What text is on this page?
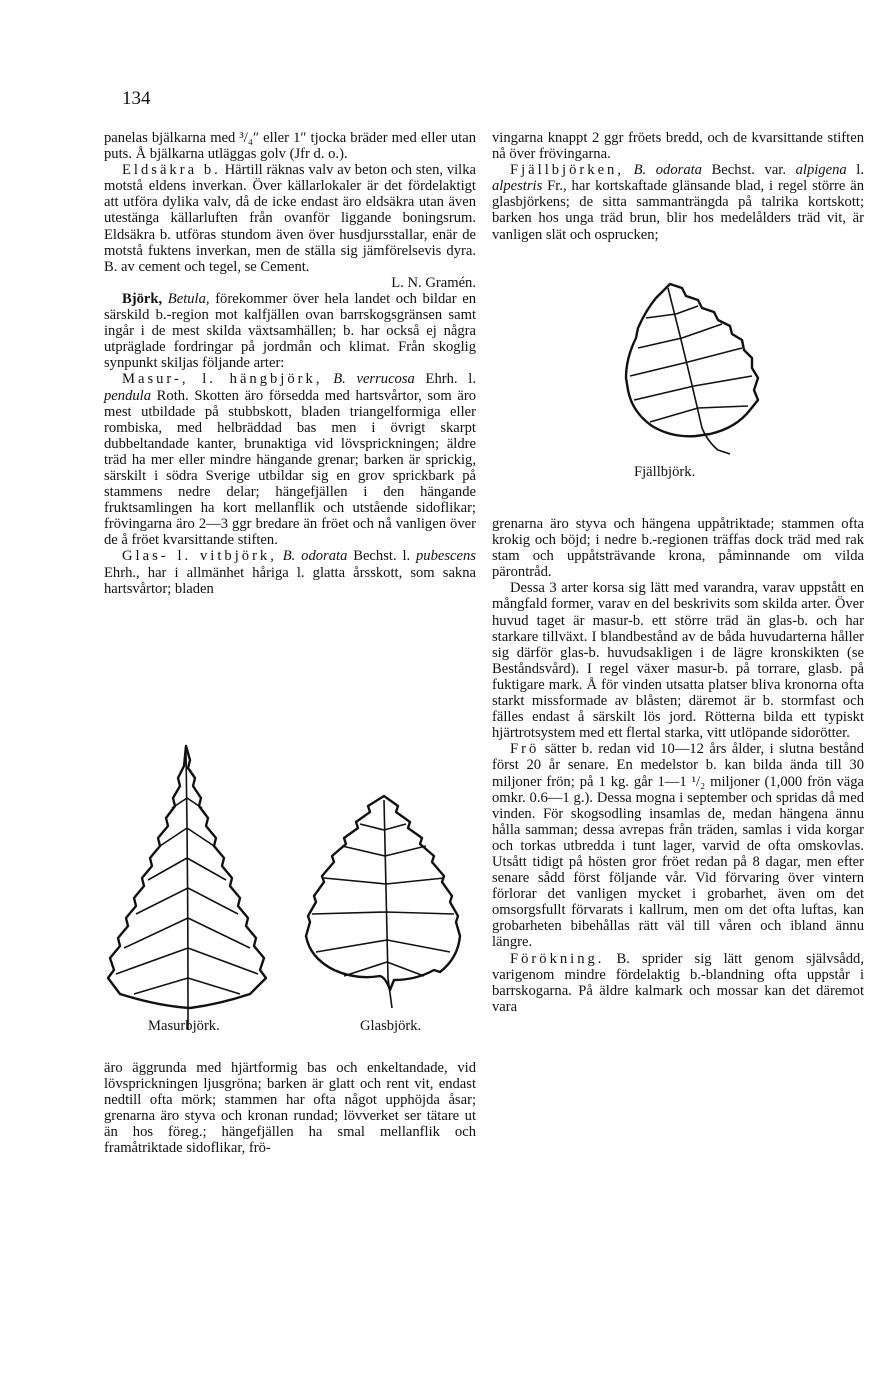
134

panelas bjälkarna med ³/₄″ eller 1″ tjocka bräder med eller utan puts. Å bjälkarna utläggas golv (Jfr d. o.).

Eldsäkra b. Härtill räknas valv av beton och sten, vilka motstå eldens inverkan. Över källarlokaler är det fördelaktigt att utföra dylika valv, då de icke endast äro eldsäkra utan även utestänga källarluften från ovanför liggande boningsrum. Eldsäkra b. utföras stundom även över husdjursstallar, enär de motstå fuktens inverkan, men de ställa sig jämförelsevis dyra. B. av cement och tegel, se Cement.

L. N. Gramén.

Björk, Betula, förekommer över hela landet och bildar en särskild b.-region mot kalfjällen ovan barrskogsgränsen samt ingår i de mest skilda växtsamhällen; b. har också ej några utpräglade fordringar på jordmån och klimat. Från skoglig synpunkt skiljas följande arter:

Masur-, l. hängbjörk, B. verrucosa Ehrh. l. pendula Roth. Skotten äro försedda med hartsvårtor, som äro mest utbildade på stubbskott, bladen triangelformiga eller rombiska, med helbräddad bas men i övrigt skarpt dubbeltandade kanter, brunaktiga vid lövsprickningen; äldre träd ha mer eller mindre hängande grenar; barken är sprickig, särskilt i södra Sverige utbildar sig en grov sprickbark på stammens nedre delar; hängefjällen i den hängande fruktsamlingen ha kort mellanflik och utstående sidoflikar; frövingarna äro 2—3 ggr bredare än fröet och nå vanligen över de å fröet kvarsittande stiften.

Glas- l. vitbjörk, B. odorata Bechst. l. pubescens Ehrh., har i allmänhet håriga l. glatta årsskott, som sakna hartsvårtor; bladen

Masurbjörk.	Glasbjörk.

äro äggrunda med hjärtformig bas och enkeltandade, vid lövsprickningen ljusgröna; barken är glatt och rent vit, endast nedtill ofta mörk; stammen har ofta något upphöjda åsar; grenarna äro styva och kronan rundad; lövverket ser tätare ut än hos föreg.; hängefjällen ha smal mellanflik och framåtriktade sidoflikar, frö-

vingarna knappt 2 ggr fröets bredd, och de kvarsittande stiften nå över frövingarna.

Fjällbjörken, B. odorata Bechst. var. alpigena l. alpestris Fr., har kortskaftade glänsande blad, i regel större än glasbjörkens; de sitta sammanträngda på talrika kortskott; barken hos unga träd brun, blir hos medelålders träd vit, är vanligen slät och osprucken;

Fjällbjörk.

grenarna äro styva och hängena uppåtriktade; stammen ofta krokig och böjd; i nedre b.-regionen träffas dock träd med rak stam och uppåtsträvande krona, påminnande om vilda pärontråd.

Dessa 3 arter korsa sig lätt med varandra, varav uppstått en mångfald former, varav en del beskrivits som skilda arter. Över huvud taget är masur-b. ett större träd än glas-b. och har starkare tillväxt. I blandbestånd av de båda huvudarterna håller sig därför glas-b. huvudsakligen i de lägre kronskikten (se Beståndsvård). I regel växer masur-b. på torrare, glasb. på fuktigare mark. Å för vinden utsatta platser bliva kronorna ofta starkt missformade av blåsten; däremot är b. stormfast och fälles endast å särskilt lös jord. Rötterna bilda ett typiskt hjärtrotsystem med ett flertal starka, vitt utlöpande sidorötter.

Frö sätter b. redan vid 10—12 års ålder, i slutna bestånd först 20 år senare. En medelstor b. kan bilda ända till 30 miljoner frön; på 1 kg. går 1—1 ¹/₂ miljoner (1,000 frön väga omkr. 0.6—1 g.). Dessa mogna i september och spridas då med vinden. För skogsodling insamlas de, medan hängena ännu hålla samman; dessa avrepas från träden, samlas i vida korgar och torkas utbredda i tunt lager, varvid de ofta omskovlas. Utsått tidigt på hösten gror fröet redan på 8 dagar, men efter senare sådd först följande vår. Vid förvaring över vintern förlorar det vanligen mycket i grobarhet, även om det omsorgsfullt förvarats i kallrum, men om det ofta luftas, kan grobarheten bibehållas rätt väl till våren och ibland ännu längre.

Förökning. B. sprider sig lätt genom självsådd, varigenom mindre fördelaktig b.-blandning ofta uppstår i barrskogarna. På äldre kalmark och mossar kan det däremot vara
